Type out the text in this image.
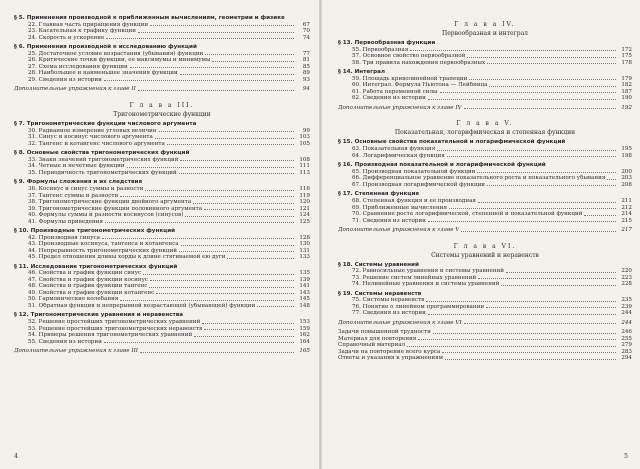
§ 5. Применения производной к приближенным вычислениям, геометрии и физике
22. Главная часть приращения функции	67
23. Касательная к графику функции	70
24. Скорость и ускорение	74
§ 6. Применения производной к исследованию функций
25. Достаточное условие возрастания (убывания) функции	77
26. Критические точки функции, ее максимумы и минимумы	81
27. Схема исследования функции	85
28. Наибольшее и наименьшее значения функции	89
29. Сведения из истории	93
Дополнительные упражнения к главе II	94
Г л а в а III.
Тригонометрические функции
§ 7. Тригонометрические функции числового аргумента
30. Радианное измерение угловых величин	99
31. Синус и косинус числового аргумента	103
32. Тангенс и котангенс числового аргумента	105
§ 8. Основные свойства тригонометрических функций
33. Знаки значений тригонометрических функций	108
34. Четные и нечетные функции	111
35. Периодичность тригонометрических функций	113
§ 9. Формулы сложения и их следствия
36. Косинус и синус суммы и разности	116
37. Тангенс суммы и разности	119
38. Тригонометрические функции двойного аргумента	120
39. Тригонометрические функции половинного аргумента	121
40. Формулы суммы и разности косинусов (синусов)	124
41. Формулы приведения	125
§ 10. Производные тригонометрических функций
42. Производная синуса	128
43. Производные косинуса, тангенса и котангенса	130
44. Непрерывность тригонометрических функций	131
45. Предел отношения длины хорды к длине стягиваемой ею дуги	133
§ 11. Исследование тригонометрических функций
46. Свойства и график функции синус	135
47. Свойства и график функции косинус	139
48. Свойства и график функции тангенс	141
49. Свойства и график функции котангенс	143
50. Гармонические колебания	145
51. Обратная функция и непрерывной возрастающей (убывающей) функции	148
§ 12. Тригонометрические уравнения и неравенства
52. Решение простейших тригонометрических уравнений	153
53. Решение простейших тригонометрических неравенств	159
54. Примеры решения тригонометрических уравнений	162
55. Сведения из истории	164
Дополнительные упражнения к главе III	165
Г л а в а IV.
Первообразная и интеграл
§ 13. Первообразная функции
55. Первообразная	172
57. Основное свойство первообразной	175
58. Три правила нахождения первообразных	178
§ 14. Интеграл
59. Площадь криволинейной трапеции	179
60. Интеграл. Формула Ньютона — Лейбница	182
61. Работа переменной силы	187
62. Сведения из истории	190
Дополнительные упражнения к главе IV	192
Г л а в а V.
Показательная, логарифмическая и степенная функции
§ 15. Основные свойства показательной и логарифмической функций
63. Показательная функция	195
64. Логарифмическая функция	198
§ 16. Производная показательной и логарифмической функций
65. Производная показательной функции	200
66. Дифференциальное уравнение показательного роста и показательного убывания	203
67. Производная логарифмической функции	208
§ 17. Степенная функция
68. Степенная функция и ее производная	211
69. Приближенные вычисления	212
70. Сравнение роста логарифмической, степенной и показательной функций	214
71. Сведения из истории	215
Дополнительные упражнения к главе V	217
Г л а в а VI.
Системы уравнений и неравенств
§ 18. Системы уравнений
72. Равносильные уравнения и системы уравнений	220
73. Решение систем линейных уравнений	223
74. Нелинейные уравнения и системы уравнений	228
§ 19. Системы неравенств
75. Системы неравенств	235
76. Понятие о линейном программировании	239
77. Сведения из истории	244
Дополнительные упражнения к главе VI	244
Задачи повышенной трудности	246
Материал для повторения	255
Справочный материал	279
Задачи на повторение всего курса	283
Ответы и указания к упражнениям	294
4	5
